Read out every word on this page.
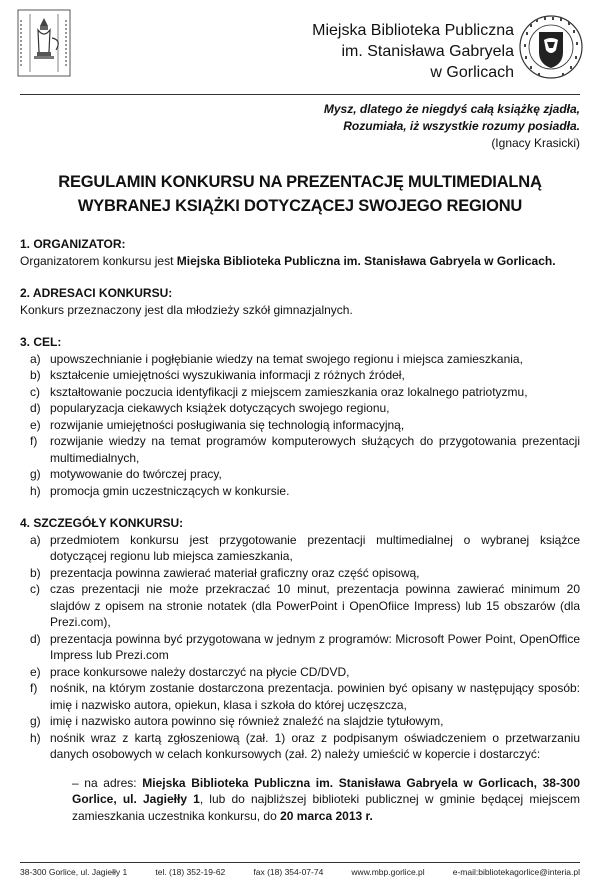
Miejska Biblioteka Publiczna
im. Stanisława Gabryela
w Gorlicach
Mysz, dlatego że niegdyś całą książkę zjadła,
Rozumiała, iż wszystkie rozumy posiadła.
(Ignacy Krasicki)
REGULAMIN KONKURSU NA PREZENTACJĘ MULTIMEDIALNĄ
WYBRANEJ KSIĄŻKI DOTYCZĄCEJ SWOJEGO REGIONU

1. ORGANIZATOR:

Organizatorem konkursu jest Miejska Biblioteka Publiczna im. Stanisława Gabryela w Gorlicach.

2. ADRESACI KONKURSU:

Konkurs przeznaczony jest dla młodzieży szkół gimnazjalnych.

3. CEL:

a) upowszechnianie i pogłębianie wiedzy na temat swojego regionu i miejsca zamieszkania,
b) kształcenie umiejętności wyszukiwania informacji z różnych źródeł,
c) kształtowanie poczucia identyfikacji z miejscem zamieszkania oraz lokalnego patriotyzmu,
d) popularyzacja ciekawych książek dotyczących swojego regionu,
e) rozwijanie umiejętności posługiwania się technologią informacyjną,
f) rozwijanie wiedzy na temat programów komputerowych służących do przygotowania prezentacji multimedialnych,
g) motywowanie do twórczej pracy,
h) promocja gmin uczestniczących w konkursie.

4. SZCZEGÓŁY KONKURSU:

a) przedmiotem konkursu jest przygotowanie prezentacji multimedialnej o wybranej książce dotyczącej regionu lub miejsca zamieszkania,
b) prezentacja powinna zawierać materiał graficzny oraz część opisową,
c) czas prezentacji nie może przekraczać 10 minut, prezentacja powinna zawierać minimum 20 slajdów z opisem na stronie notatek (dla PowerPoint i OpenOfiice Impress) lub 15 obszarów (dla Prezi.com),
d) prezentacja powinna być przygotowana w jednym z programów: Microsoft Power Point, OpenOffice Impress lub Prezi.com
e) prace konkursowe należy dostarczyć na płycie CD/DVD,
f) nośnik, na którym zostanie dostarczona prezentacja. powinien być opisany w następujący sposób: imię i nazwisko autora, opiekun, klasa i szkoła do której uczęszcza,
g) imię i nazwisko autora powinno się również znaleźć na slajdzie tytułowym,
h) nośnik wraz z kartą zgłoszeniową (zał. 1) oraz z podpisanym oświadczeniem o przetwarzaniu danych osobowych w celach konkursowych (zał. 2) należy umieścić w kopercie i dostarczyć:

– na adres: Miejska Biblioteka Publiczna im. Stanisława Gabryela w Gorlicach, 38-300 Gorlice, ul. Jagiełły 1, lub do najbliższej biblioteki publicznej w gminie będącej miejscem zamieszkania uczestnika konkursu, do 20 marca 2013 r.

38-300 Gorlice, ul. Jagiełły 1	tel. (18) 352-19-62	fax (18) 354-07-74	www.mbp.gorlice.pl	e-mail:bibliotekagorlice@interia.pl
